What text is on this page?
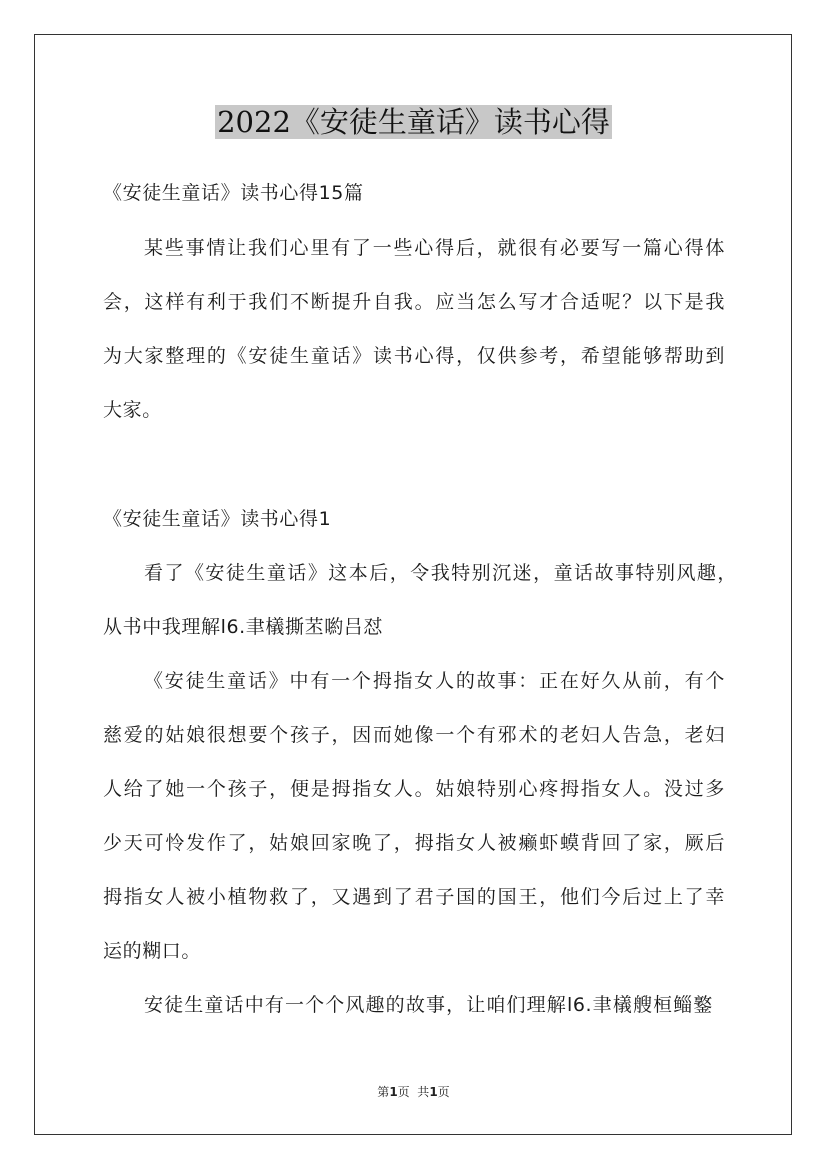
2022《安徒生童话》读书心得
《安徒生童话》读书心得15篇
某些事情让我们心里有了一些心得后，就很有必要写一篇心得体
会，这样有利于我们不断提升自我。应当怎么写才合适呢？以下是我
为大家整理的《安徒生童话》读书心得，仅供参考，希望能够帮助到
大家。
《安徒生童话》读书心得1
看了《安徒生童话》这本后，令我特别沉迷，童话故事特别风趣，
从书中我理解l6.聿檥撕苤喲吕怼
《安徒生童话》中有一个拇指女人的故事：正在好久从前，有个
慈爱的姑娘很想要个孩子，因而她像一个有邪术的老妇人告急，老妇
人给了她一个孩子，便是拇指女人。姑娘特别心疼拇指女人。没过多
少天可怜发作了，姑娘回家晚了，拇指女人被癞虾蟆背回了家，厥后
拇指女人被小植物救了，又遇到了君子国的国王，他们今后过上了幸
运的糊口。
安徒生童话中有一个个风趣的故事，让咱们理解l6.聿檥艘桓鲻鐜
第1页  共1页
